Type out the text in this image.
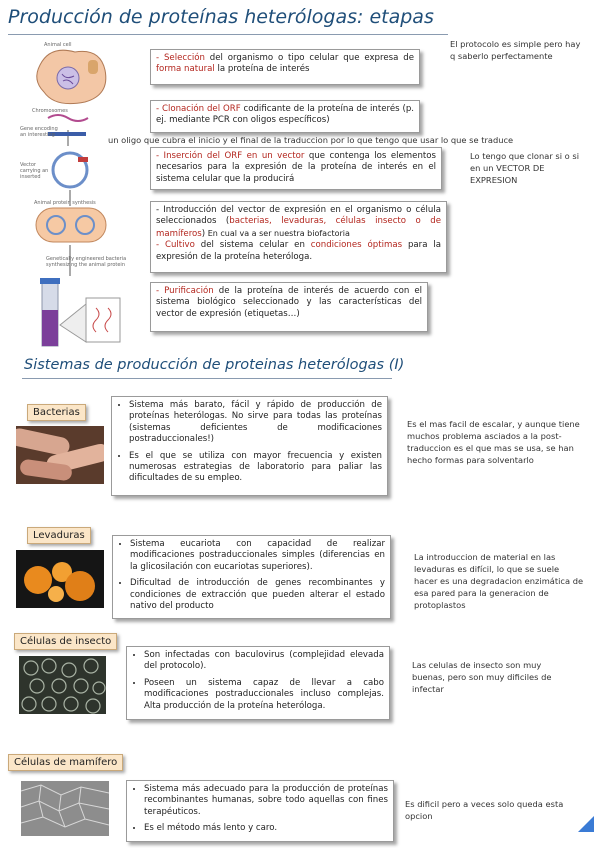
Producción de proteínas heterólogas: etapas
Animal cell
Chromosomes
Gene encoding an interesting
Vector carrying an inserted
Animal protein synthesis
Genetically engineered bacteria synthesizing the animal protein
- Selección del organismo o tipo celular que expresa de forma natural la proteína de interés
- Clonación del ORF codificante de la proteína de interés (p. ej. mediante PCR con oligos específicos)
- Inserción del ORF en un vector que contenga los elementos necesarios para la expresión de la proteína de interés en el sistema celular que la producirá
- Introducción del vector de expresión en el organismo o célula seleccionados (bacterias, levaduras, células insecto o de mamíferos) En cual va a ser nuestra biofactoria
- Cultivo del sistema celular en condiciones óptimas para la expresión de la proteína heteróloga.
- Purificación de la proteína de interés de acuerdo con el sistema biológico seleccionado y las características del vector de expresión (etiquetas…)
El protocolo es simple pero hay q saberlo perfectamente
un oligo que cubra el inicio y el final de la traduccion por lo que tengo que usar lo que se traduce
Lo tengo que clonar si o si en un VECTOR DE EXPRESION
Sistemas de producción de proteinas heterólogas (I)
Bacterias
• Sistema más barato, fácil y rápido de producción de proteínas heterólogas. No sirve para todas las proteínas (sistemas deficientes de modificaciones postraduccionales!)
• Es el que se utiliza con mayor frecuencia y existen numerosas estrategias de laboratorio para paliar las dificultades de su empleo.
Es el mas facil de escalar, y aunque tiene muchos problema asciados a la post-traduccion es el que mas se usa, se han hecho formas para solventarlo
Levaduras
• Sistema eucariota con capacidad de realizar modificaciones postraduccionales simples (diferencias en la glicosilación con eucariotas superiores).
• Dificultad de introducción de genes recombinantes y condiciones de extracción que pueden alterar el estado nativo del producto
La introduccion de material en las levaduras es difícil, lo que se suele hacer es una degradacion enzimática de esa pared para la generacion de protoplastos
Células de insecto
• Son infectadas con baculovirus (complejidad elevada del protocolo).
• Poseen un sistema capaz de llevar a cabo modificaciones postraduccionales incluso complejas. Alta producción de la proteína heteróloga.
Las celulas de insecto son muy buenas, pero son muy dificiles de infectar
Células de mamífero
• Sistema más adecuado para la producción de proteínas recombinantes humanas, sobre todo aquellas con fines terapéuticos.
• Es el método más lento y caro.
Es dificil pero a veces solo queda esta opcion
